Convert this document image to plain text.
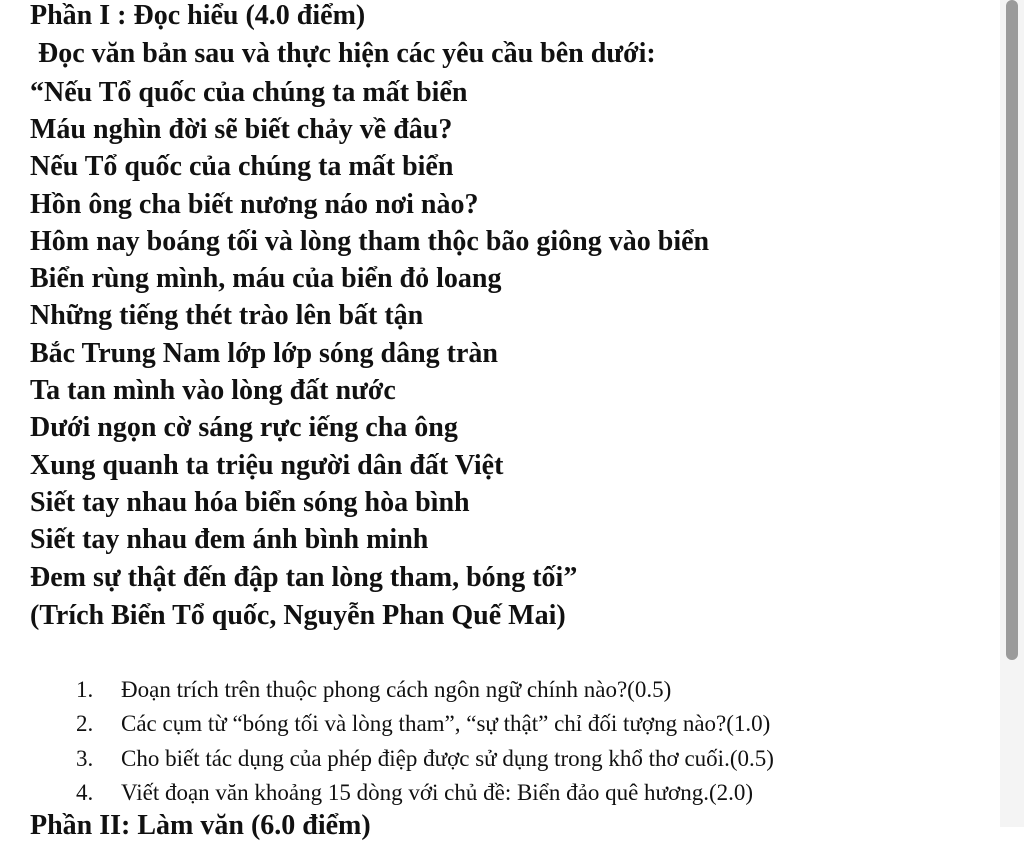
Phần I : Đọc hiểu (4.0 điểm)
Đọc văn bản sau và thực hiện các yêu cầu bên dưới:
“Nếu Tổ quốc của chúng ta mất biển
Máu nghìn đời sẽ biết chảy về đâu?
Nếu Tổ quốc của chúng ta mất biển
Hồn ông cha biết nương náo nơi nào?
Hôm nay boáng tối và lòng tham thộc bão giông vào biển
Biển rùng mình, máu của biển đỏ loang
Những tiếng thét trào lên bất tận
Bắc Trung Nam lớp lớp sóng dâng tràn
Ta tan mình vào lòng đất nước
Dưới ngọn cờ sáng rực iếng cha ông
Xung quanh ta triệu người dân đất Việt
Siết tay nhau hóa biển sóng hòa bình
Siết tay nhau đem ánh bình minh
Đem sự thật đến đập tan lòng tham, bóng tối”
(Trích Biển Tổ quốc, Nguyễn Phan Quế Mai)
1. Đoạn trích trên thuộc phong cách ngôn ngữ chính nào?(0.5)
2. Các cụm từ “bóng tối và lòng tham”, “sự thật” chỉ đối tượng nào?(1.0)
3. Cho biết tác dụng của phép điệp được sử dụng trong khổ thơ cuối.(0.5)
4. Viết đoạn văn khoảng 15 dòng với chủ đề: Biển đảo quê hương.(2.0)
Phần II: Làm văn (6.0 điểm)
